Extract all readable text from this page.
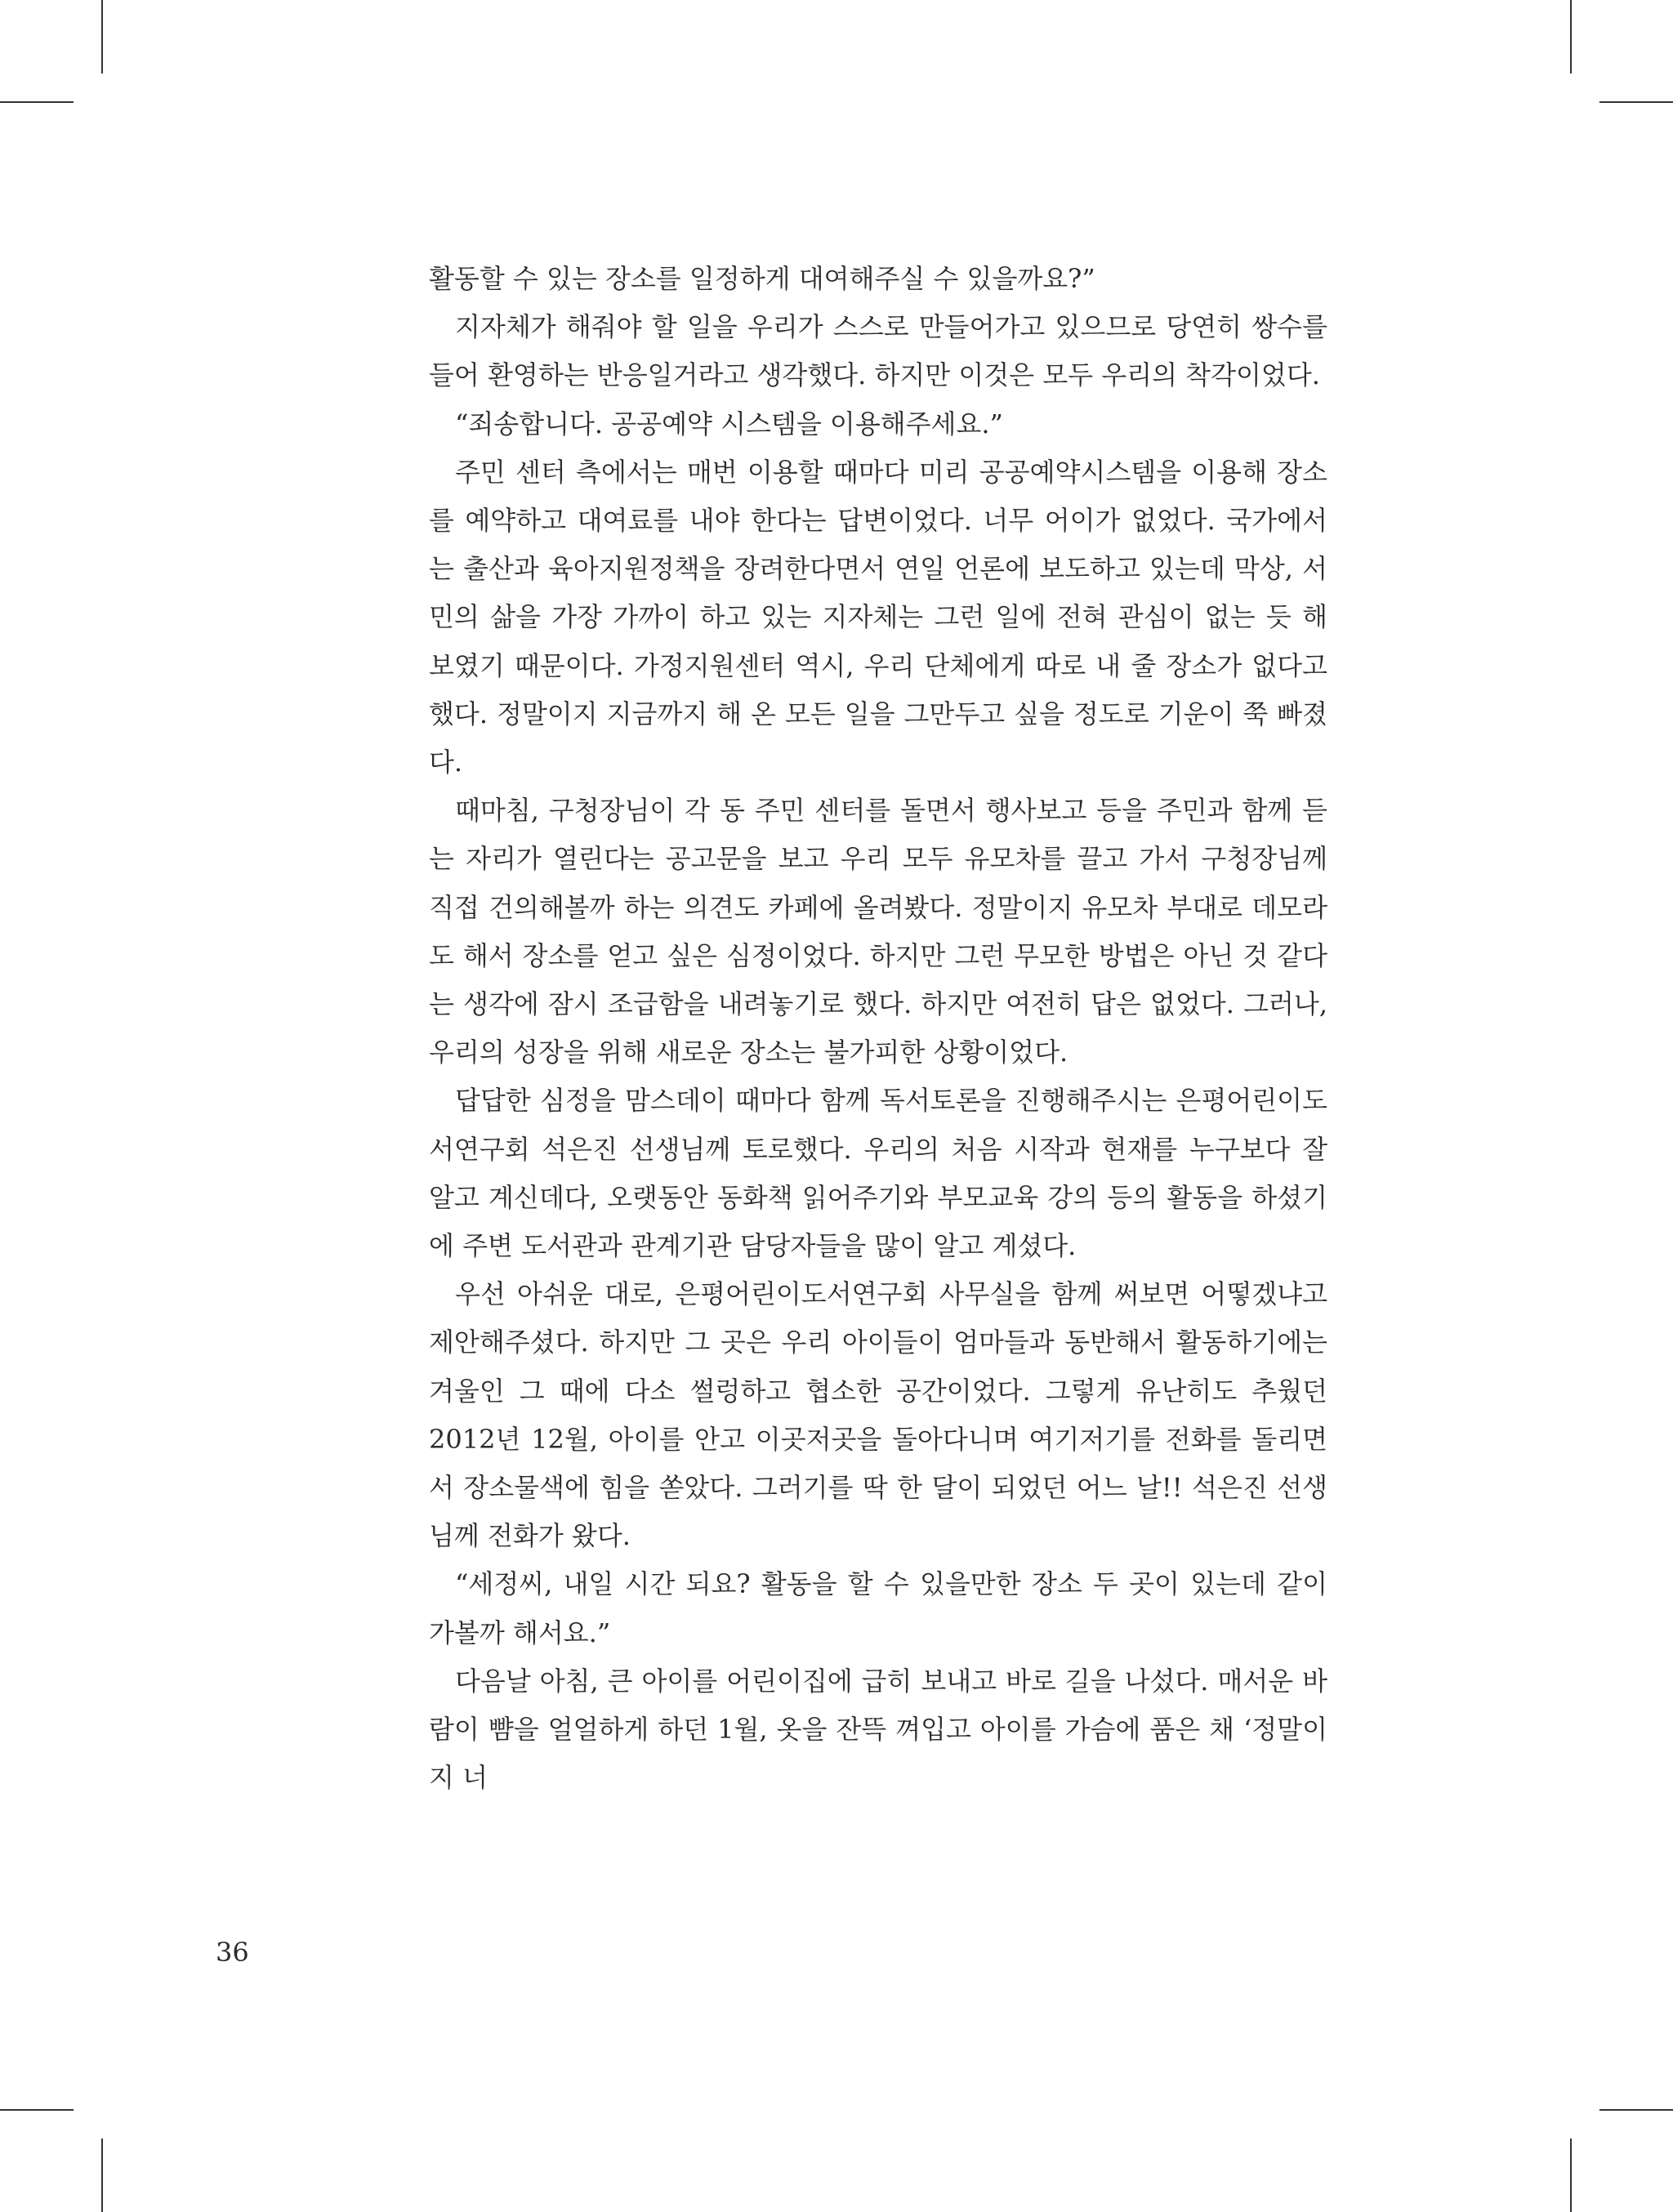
활동할 수 있는 장소를 일정하게 대여해주실 수 있을까요?”

지자체가 해줘야 할 일을 우리가 스스로 만들어가고 있으므로 당연히 쌍수를 들어 환영하는 반응일거라고 생각했다. 하지만 이것은 모두 우리의 착각이었다.

“죄송합니다. 공공예약 시스템을 이용해주세요.”

주민 센터 측에서는 매번 이용할 때마다 미리 공공예약시스템을 이용해 장소를 예약하고 대여료를 내야 한다는 답변이었다. 너무 어이가 없었다. 국가에서는 출산과 육아지원정책을 장려한다면서 연일 언론에 보도하고 있는데 막상, 서민의 삶을 가장 가까이 하고 있는 지자체는 그런 일에 전혀 관심이 없는 듯 해 보였기 때문이다. 가정지원센터 역시, 우리 단체에게 따로 내 줄 장소가 없다고 했다. 정말이지 지금까지 해 온 모든 일을 그만두고 싶을 정도로 기운이 쭉 빠졌다.

때마침, 구청장님이 각 동 주민 센터를 돌면서 행사보고 등을 주민과 함께 듣는 자리가 열린다는 공고문을 보고 우리 모두 유모차를 끌고 가서 구청장님께 직접 건의해볼까 하는 의견도 카페에 올려봤다. 정말이지 유모차 부대로 데모라도 해서 장소를 얻고 싶은 심정이었다. 하지만 그런 무모한 방법은 아닌 것 같다는 생각에 잠시 조급함을 내려놓기로 했다. 하지만 여전히 답은 없었다. 그러나, 우리의 성장을 위해 새로운 장소는 불가피한 상황이었다.

답답한 심정을 맘스데이 때마다 함께 독서토론을 진행해주시는 은평어린이도서연구회 석은진 선생님께 토로했다. 우리의 처음 시작과 현재를 누구보다 잘 알고 계신데다, 오랫동안 동화책 읽어주기와 부모교육 강의 등의 활동을 하셨기에 주변 도서관과 관계기관 담당자들을 많이 알고 계셨다.

우선 아쉬운 대로, 은평어린이도서연구회 사무실을 함께 써보면 어떻겠냐고 제안해주셨다. 하지만 그 곳은 우리 아이들이 엄마들과 동반해서 활동하기에는 겨울인 그 때에 다소 썰렁하고 협소한 공간이었다. 그렇게 유난히도 추웠던 2012년 12월, 아이를 안고 이곳저곳을 돌아다니며 여기저기를 전화를 돌리면서 장소물색에 힘을 쏟았다. 그러기를 딱 한 달이 되었던 어느 날!! 석은진 선생님께 전화가 왔다.

“세정씨, 내일 시간 되요? 활동을 할 수 있을만한 장소 두 곳이 있는데 같이 가볼까 해서요.”

다음날 아침, 큰 아이를 어린이집에 급히 보내고 바로 길을 나섰다. 매서운 바람이 뺨을 얼얼하게 하던 1월, 옷을 잔뜩 껴입고 아이를 가슴에 품은 채 ‘정말이지 너

36
